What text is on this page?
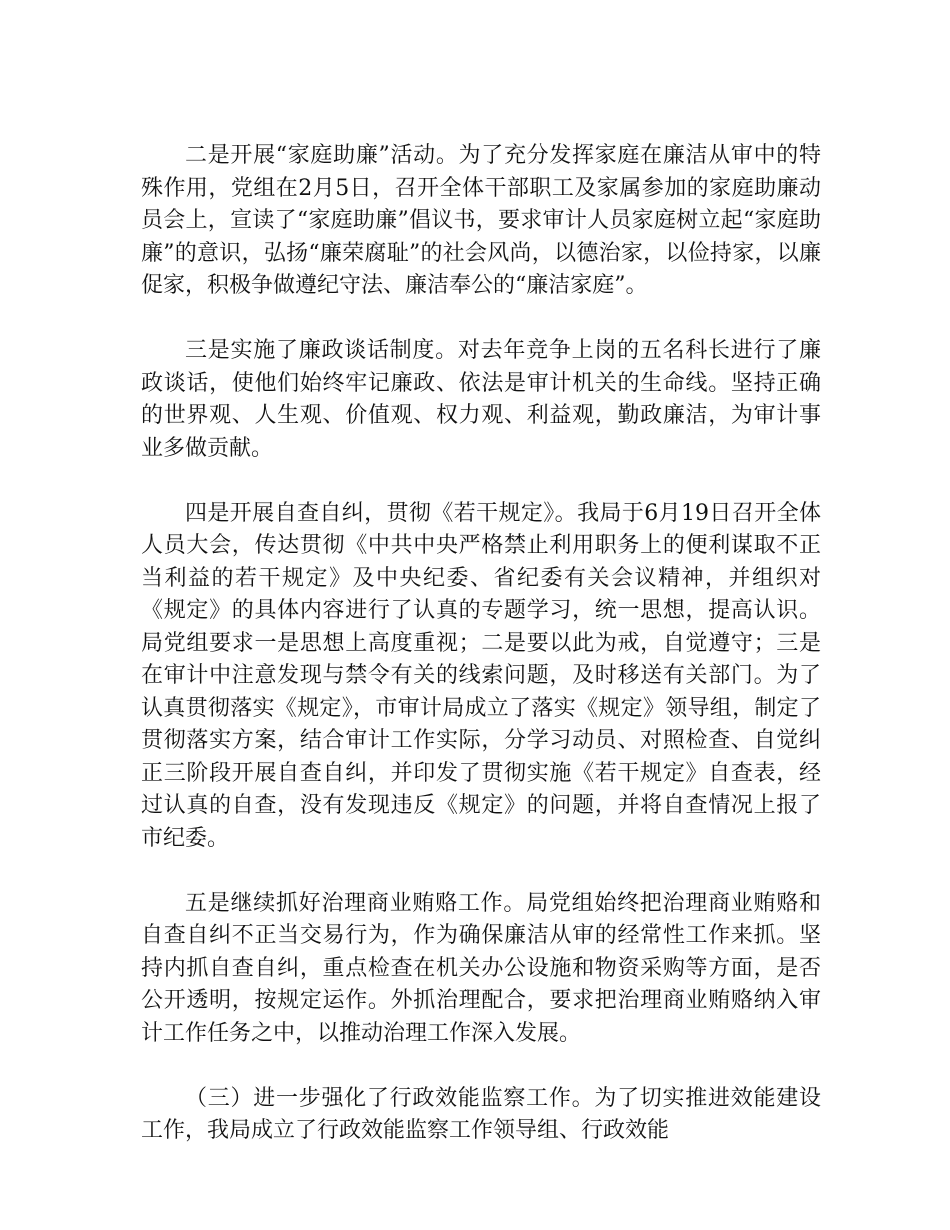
二是开展“家庭助廉”活动。为了充分发挥家庭在廉洁从审中的特殊作用，党组在2月5日，召开全体干部职工及家属参加的家庭助廉动员会上，宣读了“家庭助廉”倡议书，要求审计人员家庭树立起“家庭助廉”的意识，弘扬“廉荣腐耻”的社会风尚，以德治家，以俭持家，以廉促家，积极争做遵纪守法、廉洁奉公的“廉洁家庭”。

三是实施了廉政谈话制度。对去年竞争上岗的五名科长进行了廉政谈话，使他们始终牢记廉政、依法是审计机关的生命线。坚持正确的世界观、人生观、价值观、权力观、利益观，勤政廉洁，为审计事业多做贡献。

四是开展自查自纠，贯彻《若干规定》。我局于6月19日召开全体人员大会，传达贯彻《中共中央严格禁止利用职务上的便利谋取不正当利益的若干规定》及中央纪委、省纪委有关会议精神，并组织对《规定》的具体内容进行了认真的专题学习，统一思想，提高认识。局党组要求一是思想上高度重视；二是要以此为戒，自觉遵守；三是在审计中注意发现与禁令有关的线索问题，及时移送有关部门。为了认真贯彻落实《规定》，市审计局成立了落实《规定》领导组，制定了贯彻落实方案，结合审计工作实际，分学习动员、对照检查、自觉纠正三阶段开展自查自纠，并印发了贯彻实施《若干规定》自查表，经过认真的自查，没有发现违反《规定》的问题，并将自查情况上报了市纪委。

五是继续抓好治理商业贿赂工作。局党组始终把治理商业贿赂和自查自纠不正当交易行为，作为确保廉洁从审的经常性工作来抓。坚持内抓自查自纠，重点检查在机关办公设施和物资采购等方面，是否公开透明，按规定运作。外抓治理配合，要求把治理商业贿赂纳入审计工作任务之中，以推动治理工作深入发展。

（三）进一步强化了行政效能监察工作。为了切实推进效能建设工作，我局成立了行政效能监察工作领导组、行政效能
